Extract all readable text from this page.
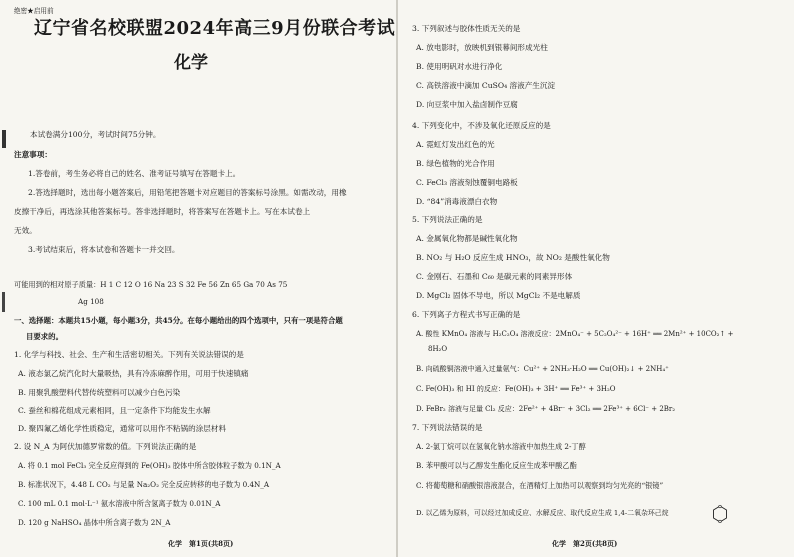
绝密★启用前
辽宁省名校联盟2024年高三9月份联合考试
化学
本试卷满分100分，考试时间75分钟。
注意事项：
1.答卷前，考生务必将自己的姓名、准考证号填写在答题卡上。
2.答选择题时，选出每小题答案后，用铅笔把答题卡对应题目的答案标号涂黑。如需改动，用橡
皮擦干净后，再选涂其他答案标号。答非选择题时，将答案写在答题卡上。写在本试卷上
无效。
3.考试结束后，将本试卷和答题卡一并交回。
可能用到的相对原子质量：H 1 C 12 O 16 Na 23 S 32 Fe 56 Zn 65 Ga 70 As 75
Ag 108
一、选择题：本题共15小题，每小题3分，共45分。在每小题给出的四个选项中，只有一项是符合题
目要求的。
1. 化学与科技、社会、生产和生活密切相关。下列有关说法错误的是
A. 液态氯乙烷汽化时大量吸热，具有冷冻麻醉作用，可用于快速镇痛
B. 用聚乳酸塑料代替传统塑料可以减少白色污染
C. 蚕丝和棉花组成元素相同，且一定条件下均能发生水解
D. 聚四氟乙烯化学性质稳定，通常可以用作不粘锅的涂层材料
2. 设 N_A 为阿伏加德罗常数的值。下列说法正确的是
A. 将 0.1 mol FeCl₃ 完全反应得到的 Fe(OH)₃ 胶体中所含胶体粒子数为 0.1N_A
B. 标准状况下，4.48 L CO₂ 与足量 Na₂O₂ 完全反应转移的电子数为 0.4N_A
C. 100 mL 0.1 mol·L⁻¹ 氨水溶液中所含氢离子数为 0.01N_A
D. 120 g NaHSO₄ 晶体中所含离子数为 2N_A
化学　第1页(共8页)
3. 下列叙述与胶体性质无关的是
A. 放电影时，放映机到银幕间形成光柱
B. 使用明矾对水进行净化
C. 高铁溶液中滴加 CuSO₄ 溶液产生沉淀
D. 向豆浆中加入盐卤制作豆腐
4. 下列变化中，不涉及氧化还原反应的是
A. 霓虹灯发出红色的光
B. 绿色植物的光合作用
C. FeCl₃ 溶液刻蚀覆铜电路板
D. “84”消毒液漂白衣物
5. 下列说法正确的是
A. 金属氧化物都是碱性氧化物
B. NO₂ 与 H₂O 反应生成 HNO₃，故 NO₂ 是酸性氧化物
C. 金刚石、石墨和 C₆₀ 是碳元素的同素异形体
D. MgCl₂ 固体不导电，所以 MgCl₂ 不是电解质
6. 下列离子方程式书写正确的是
A. 酸性 KMnO₄ 溶液与 H₂C₂O₄ 溶液反应：2MnO₄⁻ + 5C₂O₄²⁻ + 16H⁺ ══ 2Mn²⁺ + 10CO₂↑ +
8H₂O
B. 向硫酸铜溶液中通入过量氨气：Cu²⁺ + 2NH₃·H₂O ══ Cu(OH)₂↓ + 2NH₄⁺
C. Fe(OH)₃ 和 HI 的反应：Fe(OH)₃ + 3H⁺ ══ Fe³⁺ + 3H₂O
D. FeBr₂ 溶液与足量 Cl₂ 反应：2Fe²⁺ + 4Br⁻ + 3Cl₂ ══ 2Fe³⁺ + 6Cl⁻ + 2Br₂
7. 下列说法错误的是
A. 2-氯丁烷可以在氢氧化钠水溶液中加热生成 2-丁醇
B. 苯甲酸可以与乙醇发生酯化反应生成苯甲酸乙酯
C. 将葡萄糖和硝酸银溶液混合，在酒精灯上加热可以观察到均匀光亮的“银镜”
D. 以乙烯为原料，可以经过加成反应、水解反应、取代反应生成 1,4-二氧杂环己烷
化学　第2页(共8页)
